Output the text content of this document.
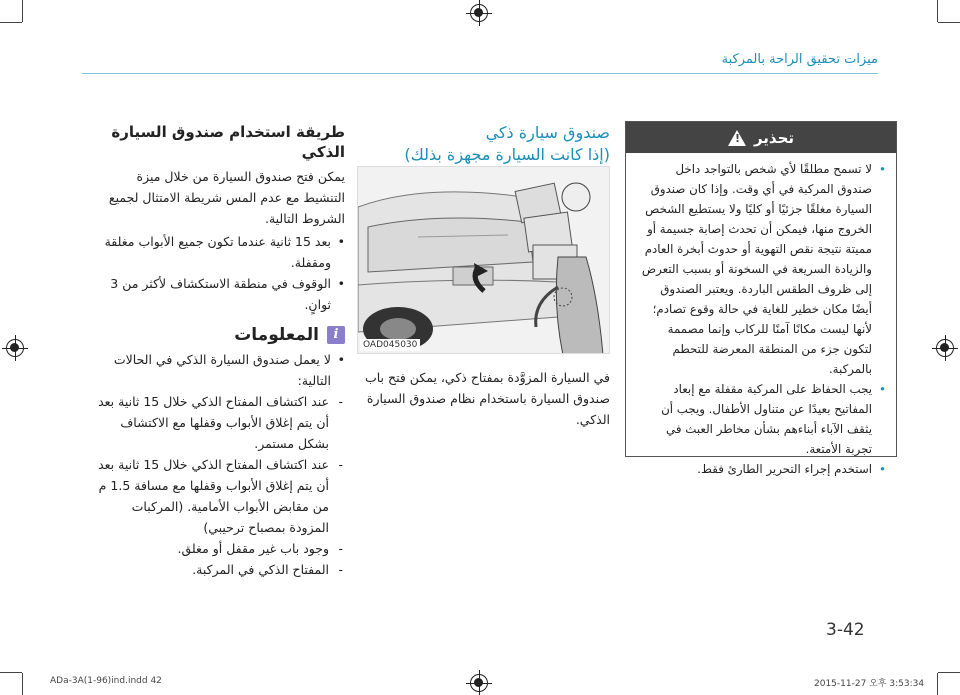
ميزات تحقيق الراحة بالمركبة
طريقة استخدام صندوق السيارة الذكي
يمكن فتح صندوق السيارة من خلال ميزة التنشيط مع عدم المس شريطة الامتثال لجميع الشروط التالية.
• بعد 15 ثانية عندما تكون جميع الأبواب مغلقة ومقفلة.
• الوقوف في منطقة الاستكشاف لأكثر من 3 ثوانٍ.
i
المعلومات
• لا يعمل صندوق السيارة الذكي في الحالات التالية:
- عند اكتشاف المفتاح الذكي خلال 15 ثانية بعد أن يتم إغلاق الأبواب وقفلها مع الاكتشاف بشكل مستمر.
- عند اكتشاف المفتاح الذكي خلال 15 ثانية بعد أن يتم إغلاق الأبواب وقفلها مع مسافة 1.5 م من مقابض الأبواب الأمامية. (المركبات المزودة بمصباح ترحيبي)
- وجود باب غير مقفل أو مغلق.
- المفتاح الذكي في المركبة.
صندوق سيارة ذكي
(إذا كانت السيارة مجهزة بذلك)
OAD045030
في السيارة المزوَّدة بمفتاح ذكي، يمكن فتح باب صندوق السيارة باستخدام نظام صندوق السيارة الذكي.
تحذير
!
• لا تسمح مطلقًا لأي شخص بالتواجد داخل صندوق المركبة في أي وقت. وإذا كان صندوق السيارة مغلقًا جزئيًا أو كليًا ولا يستطيع الشخص الخروج منها، فيمكن أن تحدث إصابة جسيمة أو مميتة نتيجة نقص التهوية أو حدوث أبخرة العادم والزيادة السريعة في السخونة أو بسبب التعرض إلى ظروف الطقس الباردة. ويعتبر الصندوق أيضًا مكان خطير للغاية في حالة وقوع تصادم؛ لأنها ليست مكانًا آمنًا للركاب وإنما مصممة لتكون جزء من المنطقة المعرضة للتحطم بالمركبة.
• يجب الحفاظ على المركبة مقفلة مع إبعاد المفاتيح بعيدًا عن متناول الأطفال. ويجب أن يثقف الآباء أبناءهم بشأن مخاطر العبث في تجربة الأمتعة.
• استخدم إجراء التحرير الطارئ فقط.
3-42
ADa-3A(1-96)ind.indd 42	2015-11-27 오후 3:53:34
